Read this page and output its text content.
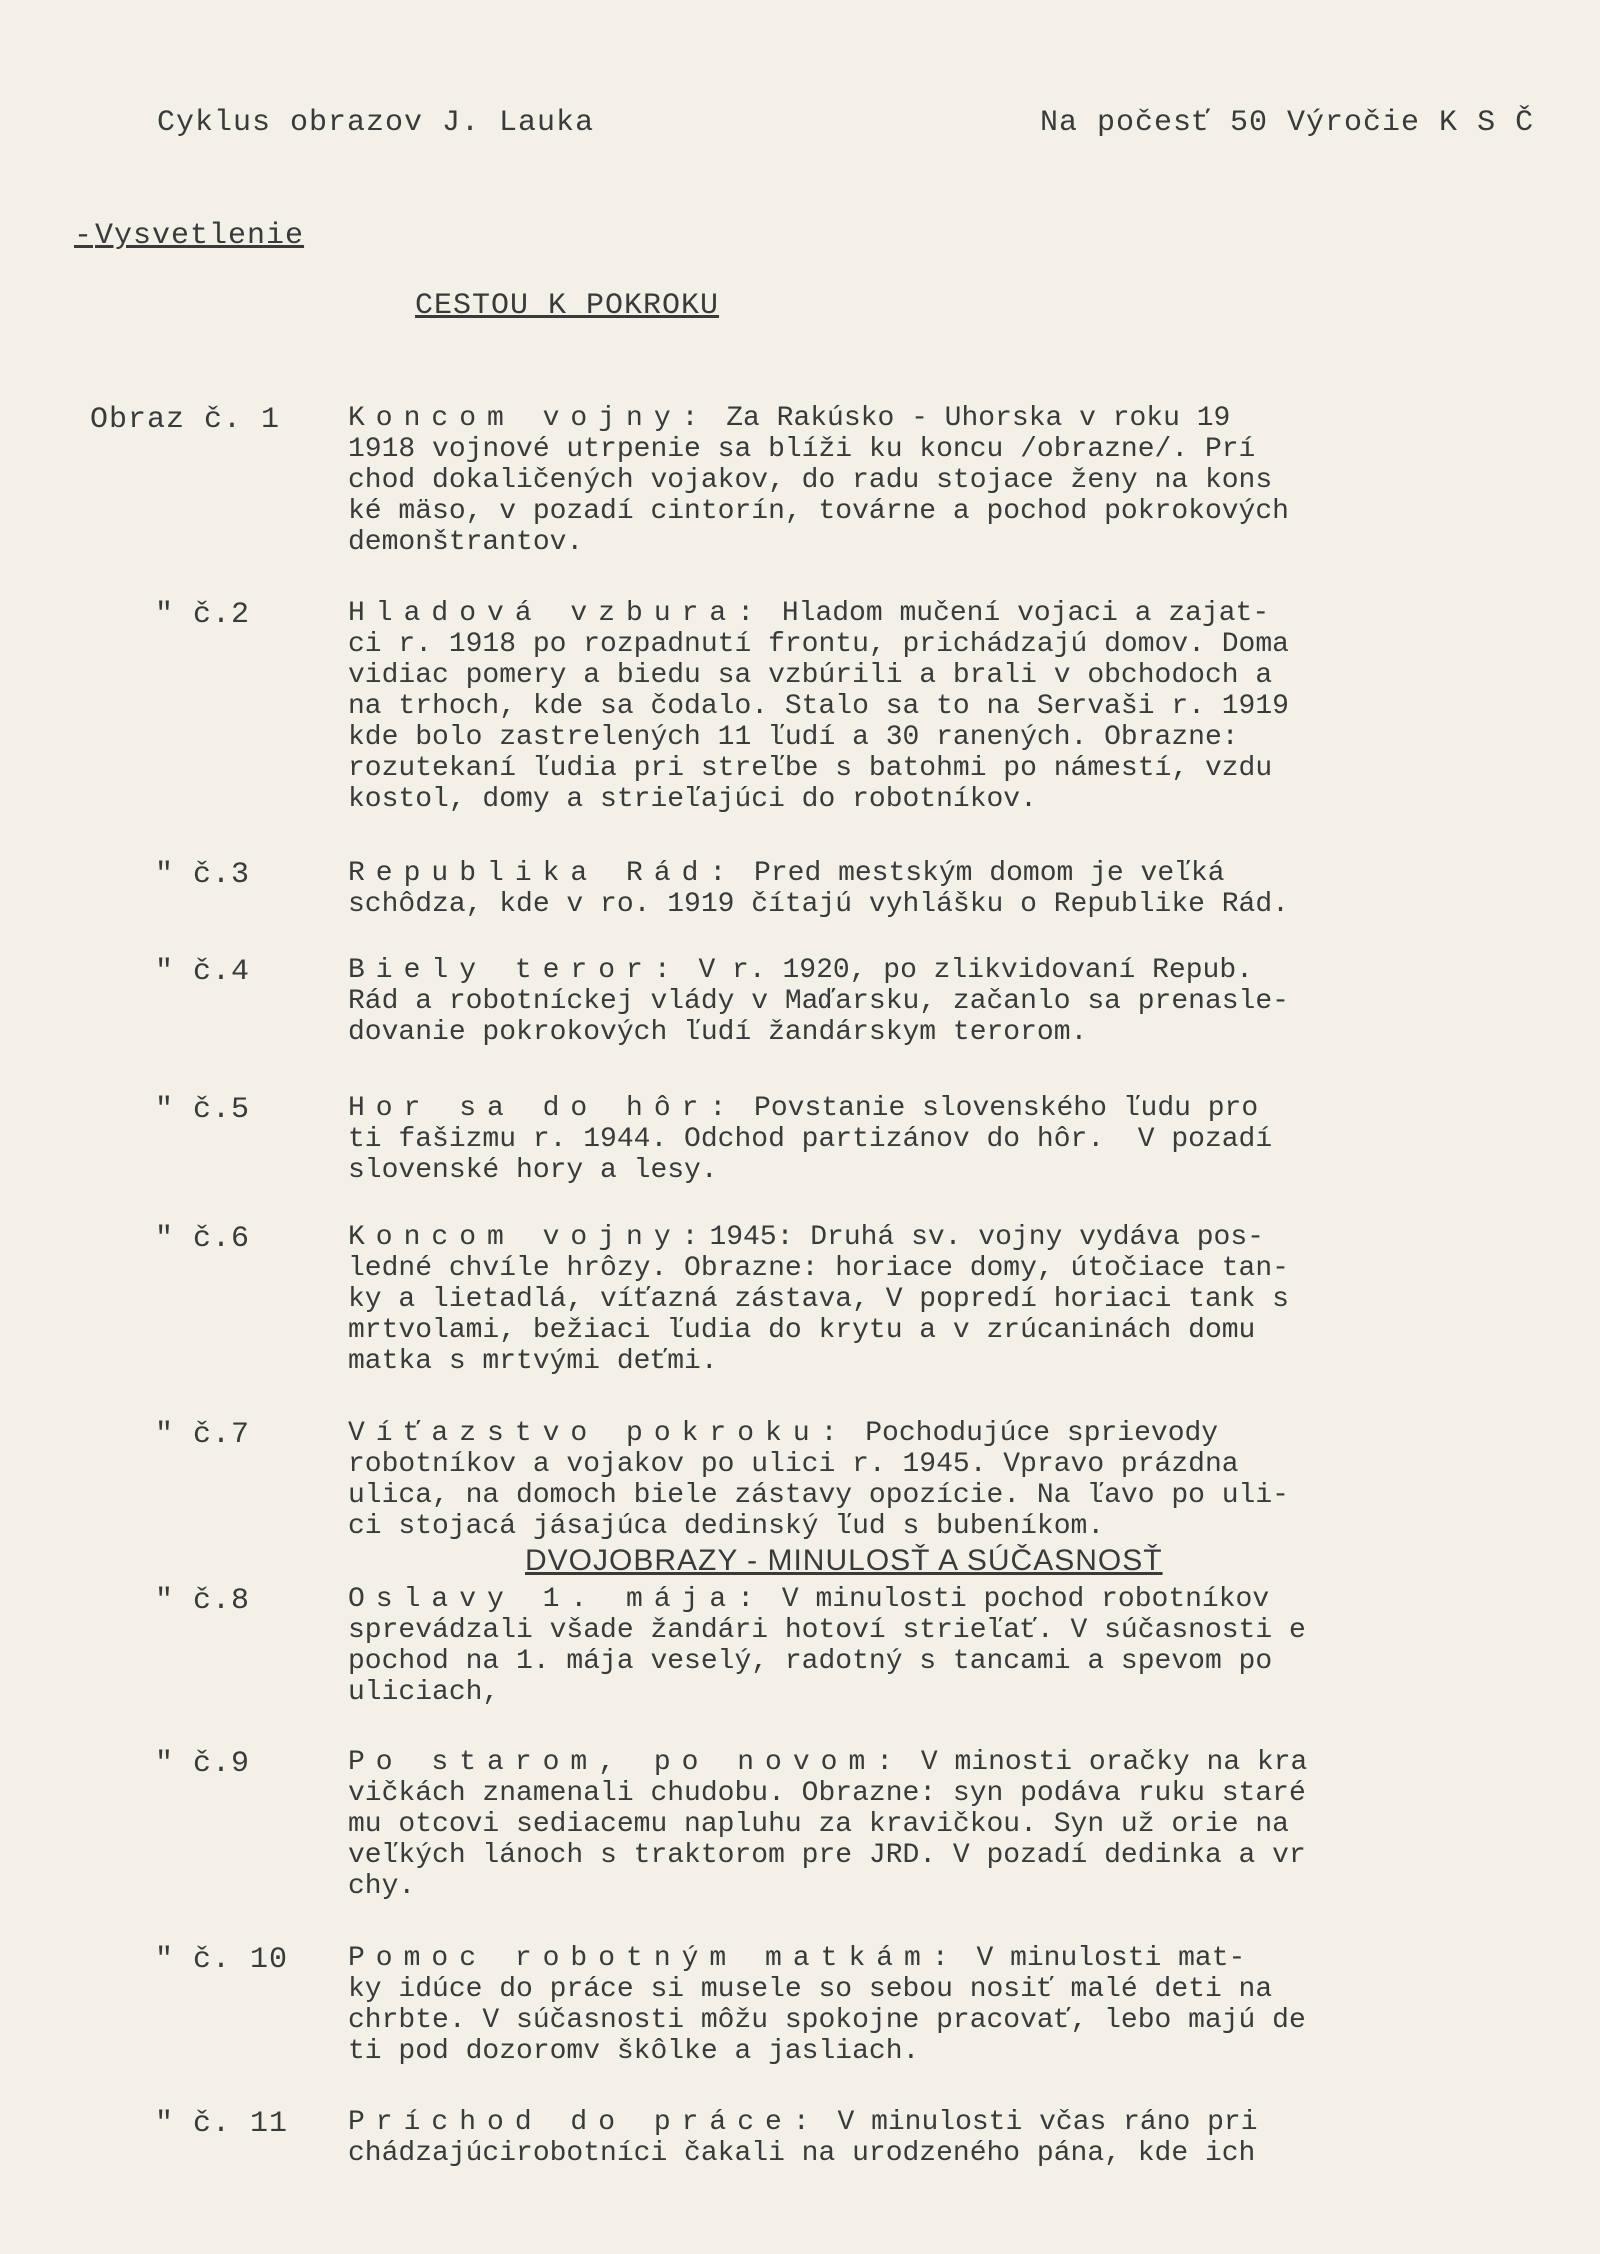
Cyklus obrazov J. Lauka	Na počesť 50 Výročie K S Č
- Vysvetlenie
CESTOU K POKROKU
Obraz č. 1 Koncom vojny: Za Rakúsko - Uhorska v roku 19
1918 vojnové utrpenie sa blíži ku koncu /obrazne/. Prí
chod dokaličených vojakov, do radu stojace ženy na kons
ké mäso, v pozadí cintorín, továrne a pochod pokrokových
demonštrantov.
" č.2	Hladová vzbura: Hladom mučení vojaci a zajat-
ci r. 1918 po rozpadnutí frontu, prichádzajú domov. Doma
vidiac pomery a biedu sa vzbúrili a brali v obchodoch a
na trhoch, kde sa čodalo. Stalo sa to na Servaši r. 1919
kde bolo zastrelených 11 ľudí a 30 ranených. Obrazne:
rozutekaní ľudia pri streľbe s batohmi po námestí, vzdu
kostol, domy a strieľajúci do robotníkov.
" č.3	Republika Rád: Pred mestským domom je veľká
schôdza, kde v ro. 1919 čítajú vyhlášku o Republike Rád.
" č.4	Biely teror: V r. 1920, po zlikvidovaní Repub.
Rád a robotníckej vlády v Maďarsku, začanlo sa prenasle-
dovanie pokrokových ľudí žandárskym terorom.
" č.5	Hor sa do hôr: Povstanie slovenského ľudu pro
ti fašizmu r. 1944. Odchod partizánov do hôr.  V pozadí
slovenské hory a lesy.
" č.6	Koncom vojny:1945: Druhá sv. vojny vydáva pos-
ledné chvíle hrôzy. Obrazne: horiace domy, útočiace tan-
ky a lietadlá, víťazná zástava, V popredí horiaci tank s
mrtvolami, bežiaci ľudia do krytu a v zrúcaninách domu
matka s mrtvými deťmi.
" č.7	Víťazstvo pokroku: Pochodujúce sprievody
robotníkov a vojakov po ulici r. 1945. Vpravo prázdna
ulica, na domoch biele zástavy opozície. Na ľavo po uli-
ci stojacá jásajúca dedinský ľud s bubeníkom.
DVOJOBRAZY - MINULOSŤ A SÚČASNOSŤ
" č.8	Oslavy 1. mája: V minulosti pochod robotníkov
sprevádzali všade žandári hotoví strieľať. V súčasnosti e
pochod na 1. mája veselý, radotný s tancami a spevom po
uliciach,
" č.9	Po starom, po novom: V minosti oračky na kra
vičkách znamenali chudobu. Obrazne: syn podáva ruku staré
mu otcovi sediacemu napluhu za kravičkou. Syn už orie na
veľkých lánoch s traktorom pre JRD. V pozadí dedinka a vr
chy.
" č. 10 Pomoc robotným matkám: V minulosti mat-
ky idúce do práce si musele so sebou nosiť malé deti na
chrbte. V súčasnosti môžu spokojne pracovať, lebo majú de
ti pod dozoromv škôlke a jasliach.
" č. 11 Príchod do práce: V minulosti včas ráno pri
chádzajúcirobotníci čakali na urodzeného pána, kde ich
